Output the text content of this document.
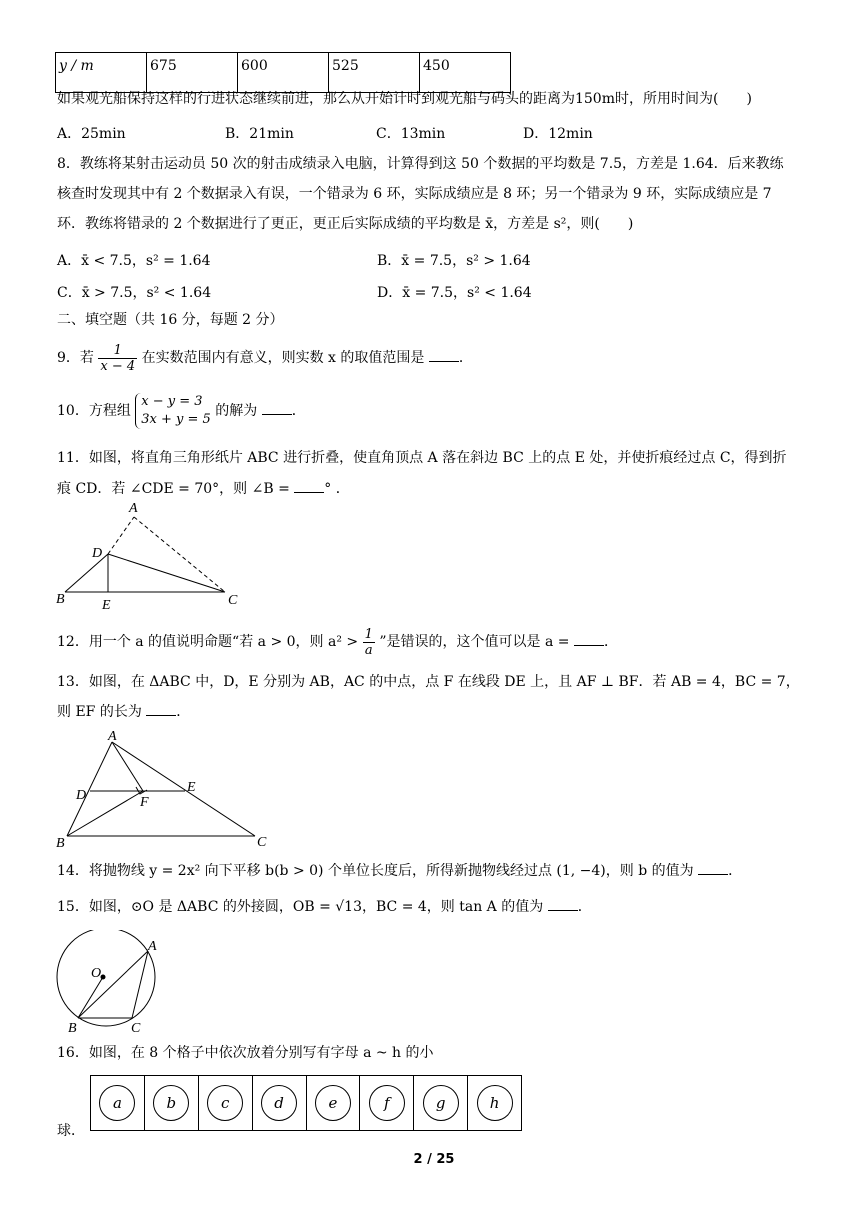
y / m	675	600	525	450
如果观光船保持这样的行进状态继续前进，那么从开始计时到观光船与码头的距离为150m时，所用时间为(　　)
A．25min	B．21min	C．13min	D．12min
8．教练将某射击运动员 50 次的射击成绩录入电脑，计算得到这 50 个数据的平均数是 7.5，方差是 1.64．后来教练
核查时发现其中有 2 个数据录入有误，一个错录为 6 环，实际成绩应是 8 环；另一个错录为 9 环，实际成绩应是 7
环．教练将错录的 2 个数据进行了更正，更正后实际成绩的平均数是 x̄，方差是 s²，则(　　)
A．x̄ < 7.5，s² = 1.64	B．x̄ = 7.5，s² > 1.64
C．x̄ > 7.5，s² < 1.64	D．x̄ = 7.5，s² < 1.64
二、填空题（共 16 分，每题 2 分）
9．若 $\frac{1}{x - 4}$ 在实数范围内有意义，则实数 x 的取值范围是 ．
10．方程组
x − y = 3
3x + y = 5
的解为 ．
11．如图，将直角三角形纸片 ABC 进行折叠，使直角顶点 A 落在斜边 BC 上的点 E 处，并使折痕经过点 C，得到折
痕 CD．若 ∠CDE = 70°，则 ∠B = ° ．
A
D
B	E	C
12．用一个 a 的值说明命题“若 a > 0，则 $a^2 > \frac{1}{a}$ ”是错误的，这个值可以是 a = ．
13．如图，在 ΔABC 中，D，E 分别为 AB，AC 的中点，点 F 在线段 DE 上，且 AF ⊥ BF．若 AB = 4，BC = 7，
则 EF 的长为 ．
A
D
E
F
B	C
14．将抛物线 y = 2x² 向下平移 b(b > 0) 个单位长度后，所得新抛物线经过点 (1, −4)，则 b 的值为 ．
15．如图，⊙O 是 ΔABC 的外接圆，OB = √13，BC = 4，则 tan A 的值为 ．
A
O
B	C
16．如图，在 8 个格子中依次放着分别写有字母 a ~ h 的小
a	b	c	d	e	f	g	h
球．
2 / 25
